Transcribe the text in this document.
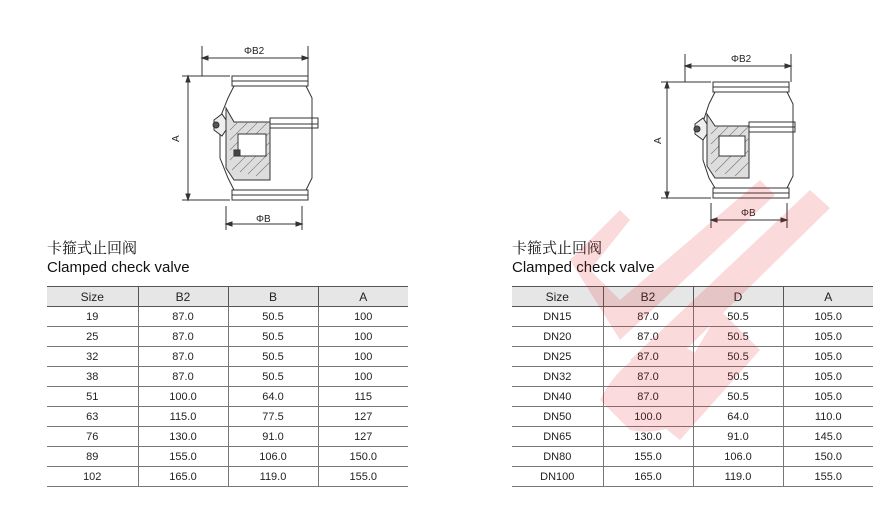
ΦB2
A
ΦB
ΦB2
A
ΦB
卡箍式止回阀
Clamped check valve
Size	B2	B	A
19	87.0	50.5	100
25	87.0	50.5	100
32	87.0	50.5	100
38	87.0	50.5	100
51	100.0	64.0	115
63	115.0	77.5	127
76	130.0	91.0	127
89	155.0	106.0	150.0
102	165.0	119.0	155.0
卡箍式止回阀
Clamped check valve
Size	B2	D	A
DN15	87.0	50.5	105.0
DN20	87.0	50.5	105.0
DN25	87.0	50.5	105.0
DN32	87.0	50.5	105.0
DN40	87.0	50.5	105.0
DN50	100.0	64.0	110.0
DN65	130.0	91.0	145.0
DN80	155.0	106.0	150.0
DN100	165.0	119.0	155.0
